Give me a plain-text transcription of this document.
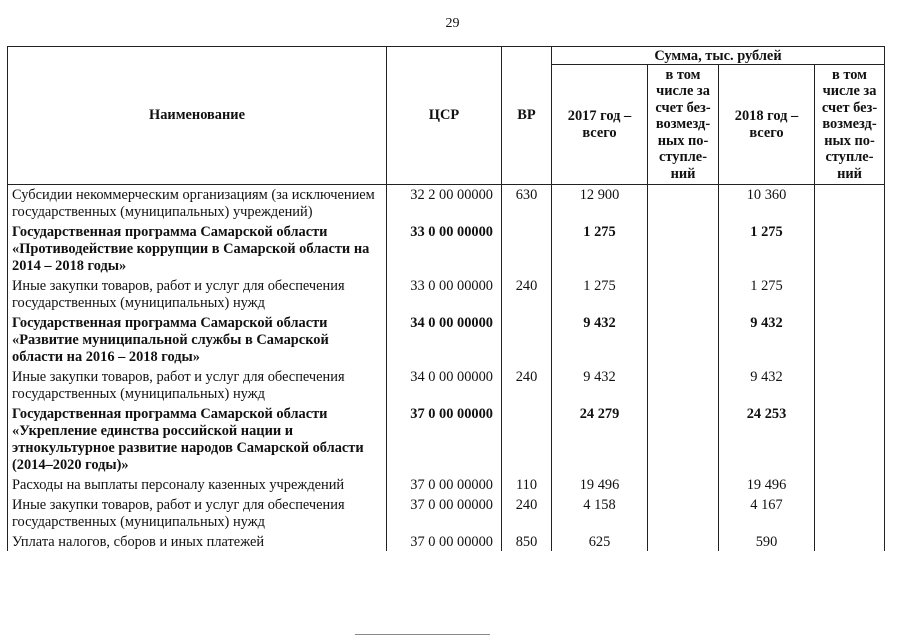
29
Наименование	ЦСР	ВР	Сумма, тыс. рублей			
			2017 год – всего	в том числе за счет без-возмезд-ных по-ступле-ний	2018 год – всего	в том числе за счет без-возмезд-ных по-ступле-ний
Субсидии некоммерческим организациям (за исключением государственных (муниципальных) учреждений)	32 2 00 00000	630	12 900		10 360	
Государственная программа Самарской области «Противодействие коррупции в Самарской области на 2014 – 2018 годы»	33 0 00 00000		1 275		1 275	
Иные закупки товаров, работ и услуг для обеспечения государственных (муниципальных) нужд	33 0 00 00000	240	1 275		1 275	
Государственная программа Самарской области «Развитие муниципальной службы в Самарской области на 2016 – 2018 годы»	34 0 00 00000		9 432		9 432	
Иные закупки товаров, работ и услуг для обеспечения государственных (муниципальных) нужд	34 0 00 00000	240	9 432		9 432	
Государственная программа Самарской области «Укрепление единства российской нации и этнокультурное развитие народов Самарской области (2014–2020 годы)»	37 0 00 00000		24 279		24 253	
Расходы на выплаты персоналу казенных учреждений	37 0 00 00000	110	19 496		19 496	
Иные закупки товаров, работ и услуг для обеспечения государственных (муниципальных) нужд	37 0 00 00000	240	4 158		4 167	
Уплата налогов, сборов и иных платежей	37 0 00 00000	850	625		590	
